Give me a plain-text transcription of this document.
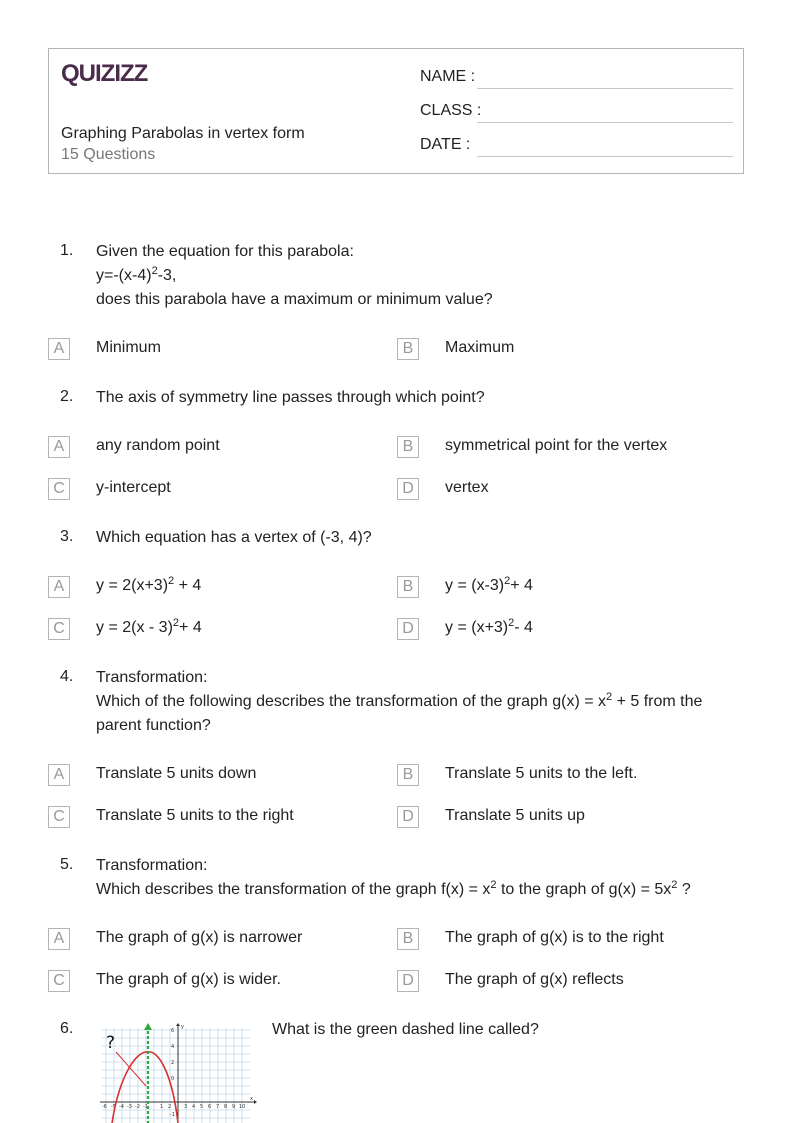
QUIZIZZ
Graphing Parabolas in vertex form
15 Questions
NAME :
CLASS :
DATE :
1. Given the equation for this parabola:
$y=-(x-4)^2-3$,
does this parabola have a maximum or minimum value?
A	Minimum	B	Maximum
2. The axis of symmetry line passes through which point?
A	any random point	B	symmetrical point for the vertex
C	y-intercept	D	vertex
3. Which equation has a vertex of (-3, 4)?
A	$y = 2(x+3)^2 + 4$	B	$y = (x-3)^2+ 4$
C	y = 2(x - 3)$^2$+ 4	D	$y = (x+3)^2-$ 4
4. Transformation:
Which of the following describes the transformation of the graph $g(x) = x^2 + 5$ from the
parent function?
A	Translate 5 units down	B	Translate 5 units to the left.
C	Translate 5 units to the right	D	Translate 5 units up
5. Transformation:
Which describes the transformation of the graph $f(x) = x^2$ to the graph of $g(x) = 5x^2$ ?
A	The graph of g(x) is narrower	B	The graph of g(x) is to the right
C	The graph of g(x) is wider.	D	The graph of g(x) reflects
6.	What is the green dashed line called?
-6 -5 -4 -3 -2 -1 1 2	3 4 5 6 7 8 9 10
x
6
4
2
0
-1
y
?
